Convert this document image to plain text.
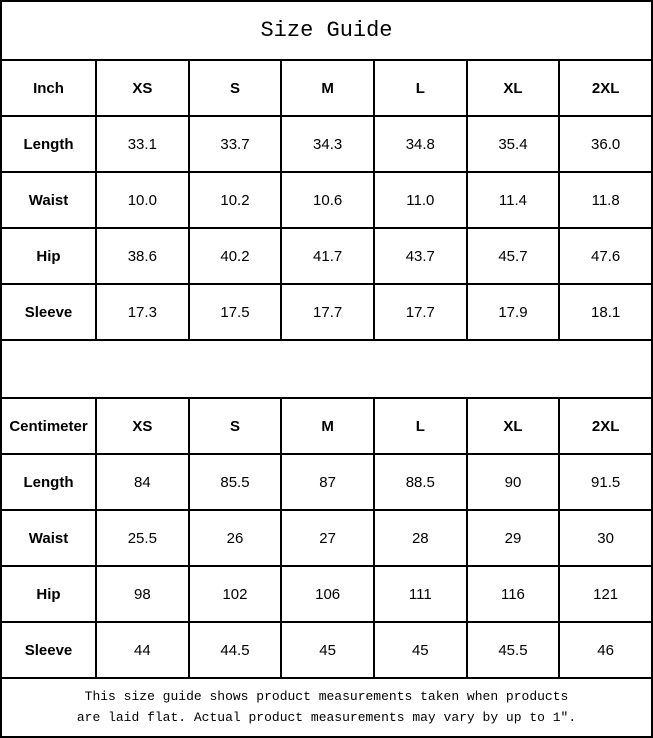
Size Guide						
Inch	XS	S	M	L	XL	2XL
Length	33.1	33.7	34.3	34.8	35.4	36.0
Waist	10.0	10.2	10.6	11.0	11.4	11.8
Hip	38.6	40.2	41.7	43.7	45.7	47.6
Sleeve	17.3	17.5	17.7	17.7	17.9	18.1

Centimeter	XS	S	M	L	XL	2XL
Length	84	85.5	87	88.5	90	91.5
Waist	25.5	26	27	28	29	30
Hip	98	102	106	111	116	121
Sleeve	44	44.5	45	45	45.5	46

This size guide shows product measurements taken when products are laid flat. Actual product measurements may vary by up to 1″.						
